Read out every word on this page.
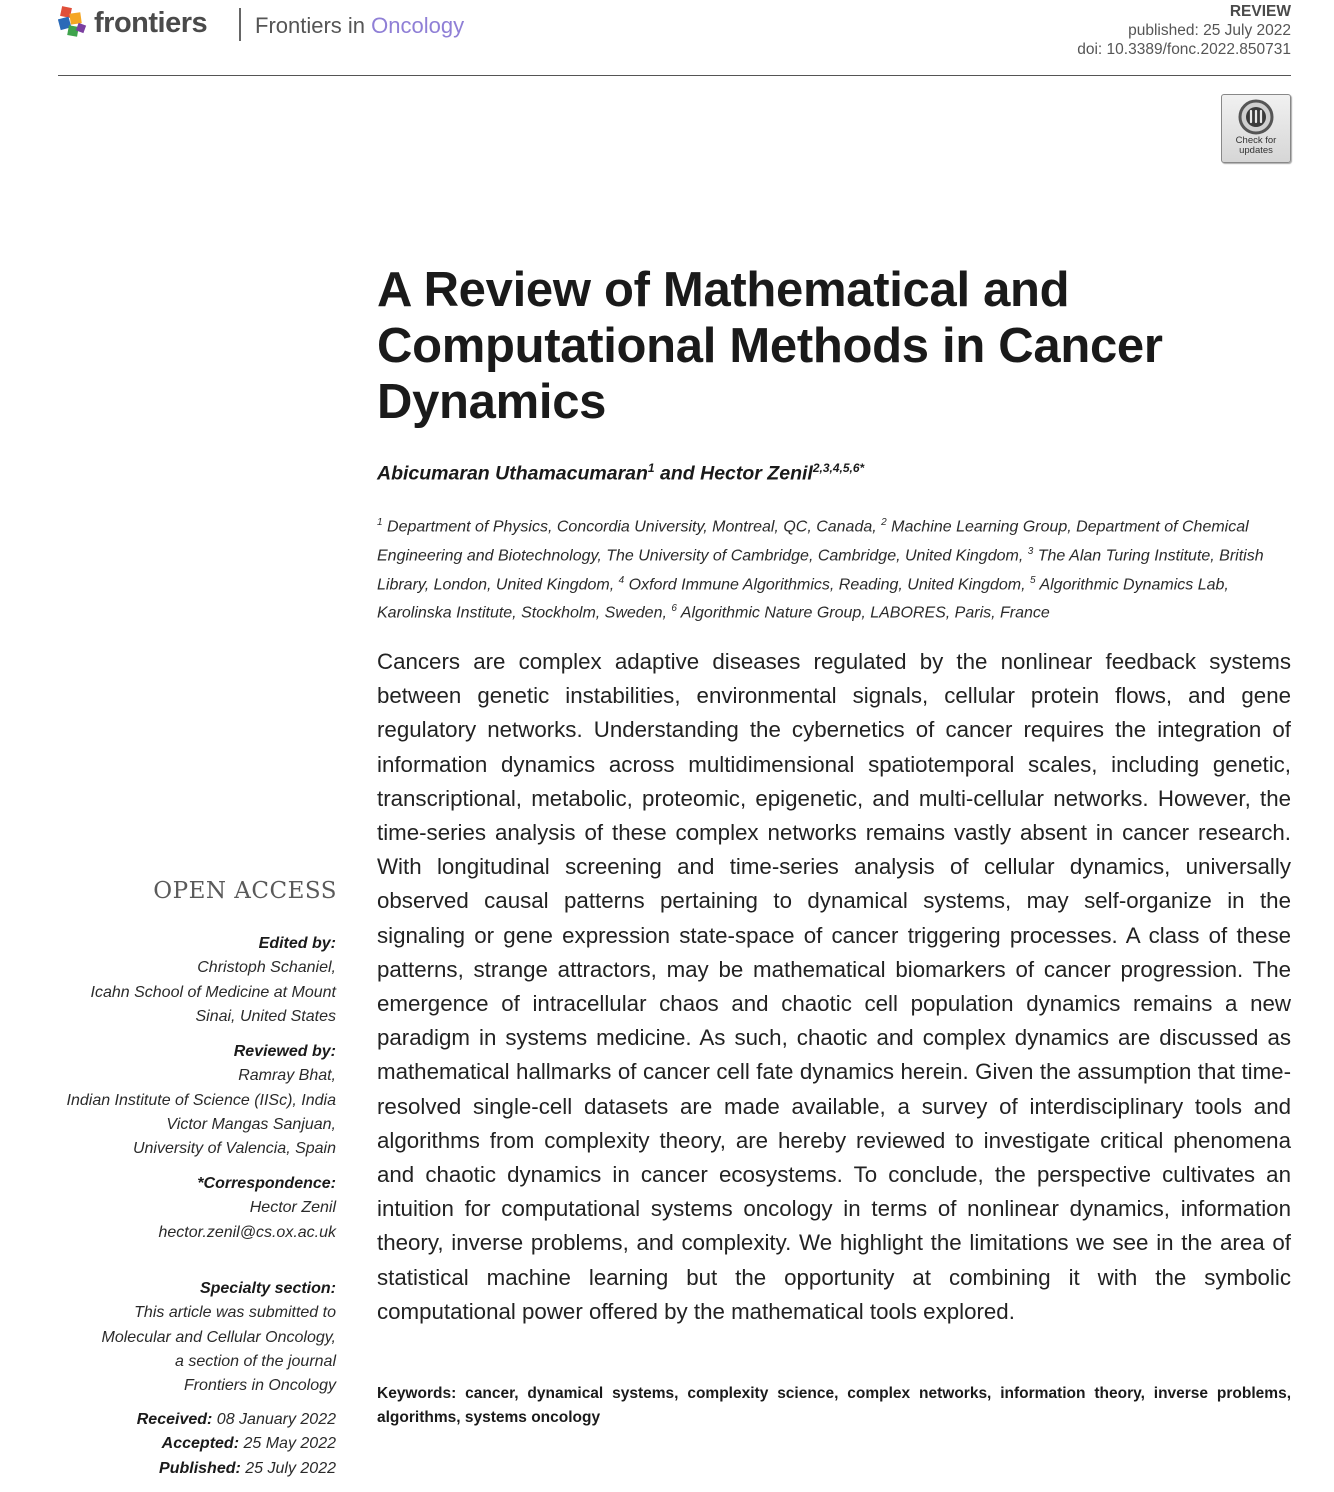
frontiers Frontiers in Oncology
REVIEW
published: 25 July 2022
doi: 10.3389/fonc.2022.850731
Check for
updates
A Review of Mathematical and Computational Methods in Cancer Dynamics
Abicumaran Uthamacumaran$^1$ and Hector Zenil$^{2,3,4,5,6*}$
$^1$ Department of Physics, Concordia University, Montreal, QC, Canada, $^2$ Machine Learning Group, Department of Chemical Engineering and Biotechnology, The University of Cambridge, Cambridge, United Kingdom, $^3$ The Alan Turing Institute, British Library, London, United Kingdom, $^4$ Oxford Immune Algorithmics, Reading, United Kingdom, $^5$ Algorithmic Dynamics Lab, Karolinska Institute, Stockholm, Sweden, $^6$ Algorithmic Nature Group, LABORES, Paris, France
Cancers are complex adaptive diseases regulated by the nonlinear feedback systems between genetic instabilities, environmental signals, cellular protein flows, and gene regulatory networks. Understanding the cybernetics of cancer requires the integration of information dynamics across multidimensional spatiotemporal scales, including genetic, transcriptional, metabolic, proteomic, epigenetic, and multi-cellular networks. However, the time-series analysis of these complex networks remains vastly absent in cancer research. With longitudinal screening and time-series analysis of cellular dynamics, universally observed causal patterns pertaining to dynamical systems, may self-organize in the signaling or gene expression state-space of cancer triggering processes. A class of these patterns, strange attractors, may be mathematical biomarkers of cancer progression. The emergence of intracellular chaos and chaotic cell population dynamics remains a new paradigm in systems medicine. As such, chaotic and complex dynamics are discussed as mathematical hallmarks of cancer cell fate dynamics herein. Given the assumption that time-resolved single-cell datasets are made available, a survey of interdisciplinary tools and algorithms from complexity theory, are hereby reviewed to investigate critical phenomena and chaotic dynamics in cancer ecosystems. To conclude, the perspective cultivates an intuition for computational systems oncology in terms of nonlinear dynamics, information theory, inverse problems, and complexity. We highlight the limitations we see in the area of statistical machine learning but the opportunity at combining it with the symbolic computational power offered by the mathematical tools explored.
Keywords: cancer, dynamical systems, complexity science, complex networks, information theory, inverse problems, algorithms, systems oncology
OPEN ACCESS
Edited by:
Christoph Schaniel,
Icahn School of Medicine at Mount
Sinai, United States
Reviewed by:
Ramray Bhat,
Indian Institute of Science (IISc), India
Victor Mangas Sanjuan,
University of Valencia, Spain
*Correspondence:
Hector Zenil
hector.zenil@cs.ox.ac.uk
Specialty section:
This article was submitted to
Molecular and Cellular Oncology,
a section of the journal
Frontiers in Oncology
Received: 08 January 2022
Accepted: 25 May 2022
Published: 25 July 2022
